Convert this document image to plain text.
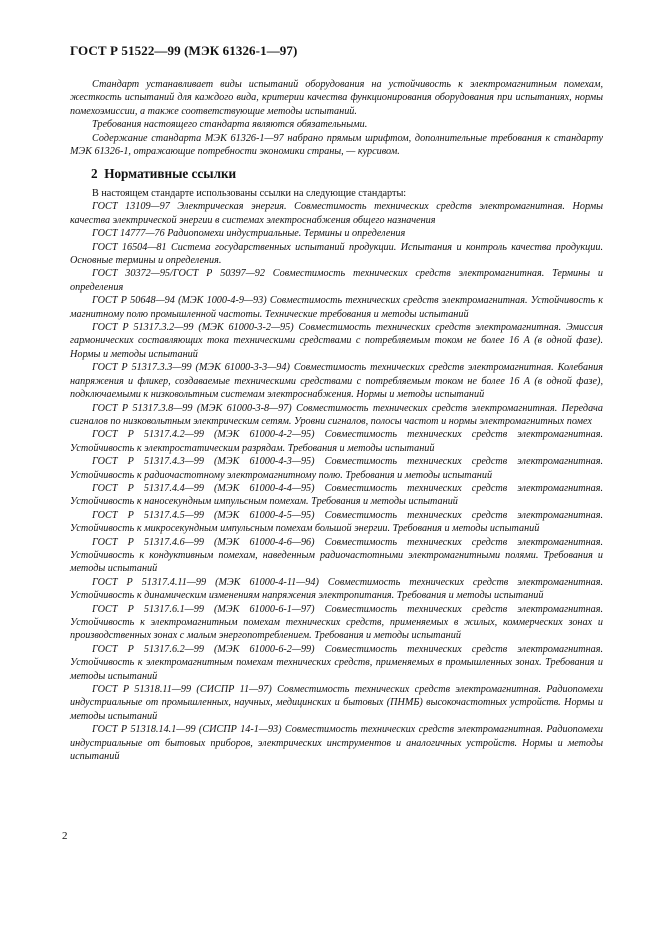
ГОСТ Р 51522—99 (МЭК 61326-1—97)

Стандарт устанавливает виды испытаний оборудования на устойчивость к электромагнитным помехам, жесткость испытаний для каждого вида, критерии качества функционирования оборудования при испытаниях, нормы помехоэмиссии, а также соответствующие методы испытаний.

Требования настоящего стандарта являются обязательными.

Содержание стандарта МЭК 61326-1—97 набрано прямым шрифтом, дополнительные требования к стандарту МЭК 61326-1, отражающие потребности экономики страны, — курсивом.

2 Нормативные ссылки

В настоящем стандарте использованы ссылки на следующие стандарты:

ГОСТ 13109—97 Электрическая энергия. Совместимость технических средств электромагнитная. Нормы качества электрической энергии в системах электроснабжения общего назначения

ГОСТ 14777—76 Радиопомехи индустриальные. Термины и определения

ГОСТ 16504—81 Система государственных испытаний продукции. Испытания и контроль качества продукции. Основные термины и определения.

ГОСТ 30372—95/ГОСТ Р 50397—92 Совместимость технических средств электромагнитная. Термины и определения

ГОСТ Р 50648—94 (МЭК 1000-4-9—93) Совместимость технических средств электромагнитная. Устойчивость к магнитному полю промышленной частоты. Технические требования и методы испытаний

ГОСТ Р 51317.3.2—99 (МЭК 61000-3-2—95) Совместимость технических средств электромагнитная. Эмиссия гармонических составляющих тока техническими средствами с потребляемым током не более 16 А (в одной фазе). Нормы и методы испытаний

ГОСТ Р 51317.3.3—99 (МЭК 61000-3-3—94) Совместимость технических средств электромагнитная. Колебания напряжения и фликер, создаваемые техническими средствами с потребляемым током не более 16 А (в одной фазе), подключаемыми к низковольтным системам электроснабжения. Нормы и методы испытаний

ГОСТ Р 51317.3.8—99 (МЭК 61000-3-8—97) Совместимость технических средств электромагнитная. Передача сигналов по низковольтным электрическим сетям. Уровни сигналов, полосы частот и нормы электромагнитных помех

ГОСТ Р 51317.4.2—99 (МЭК 61000-4-2—95) Совместимость технических средств электромагнитная. Устойчивость к электростатическим разрядам. Требования и методы испытаний

ГОСТ Р 51317.4.3—99 (МЭК 61000-4-3—95) Совместимость технических средств электромагнитная. Устойчивость к радиочастотному электромагнитному полю. Требования и методы испытаний

ГОСТ Р 51317.4.4—99 (МЭК 61000-4-4—95) Совместимость технических средств электромагнитная. Устойчивость к наносекундным импульсным помехам. Требования и методы испытаний

ГОСТ Р 51317.4.5—99 (МЭК 61000-4-5—95) Совместимость технических средств электромагнитная. Устойчивость к микросекундным импульсным помехам большой энергии. Требования и методы испытаний

ГОСТ Р 51317.4.6—99 (МЭК 61000-4-6—96) Совместимость технических средств электромагнитная. Устойчивость к кондуктивным помехам, наведенным радиочастотными электромагнитными полями. Требования и методы испытаний

ГОСТ Р 51317.4.11—99 (МЭК 61000-4-11—94) Совместимость технических средств электромагнитная. Устойчивость к динамическим изменениям напряжения электропитания. Требования и методы испытаний

ГОСТ Р 51317.6.1—99 (МЭК 61000-6-1—97) Совместимость технических средств электромагнитная. Устойчивость к электромагнитным помехам технических средств, применяемых в жилых, коммерческих зонах и производственных зонах с малым энергопотреблением. Требования и методы испытаний

ГОСТ Р 51317.6.2—99 (МЭК 61000-6-2—99) Совместимость технических средств электромагнитная. Устойчивость к электромагнитным помехам технических средств, применяемых в промышленных зонах. Требования и методы испытаний

ГОСТ Р 51318.11—99 (СИСПР 11—97) Совместимость технических средств электромагнитная. Радиопомехи индустриальные от промышленных, научных, медицинских и бытовых (ПНМБ) высокочастотных устройств. Нормы и методы испытаний

ГОСТ Р 51318.14.1—99 (СИСПР 14-1—93) Совместимость технических средств электромагнитная. Радиопомехи индустриальные от бытовых приборов, электрических инструментов и аналогичных устройств. Нормы и методы испытаний

2
